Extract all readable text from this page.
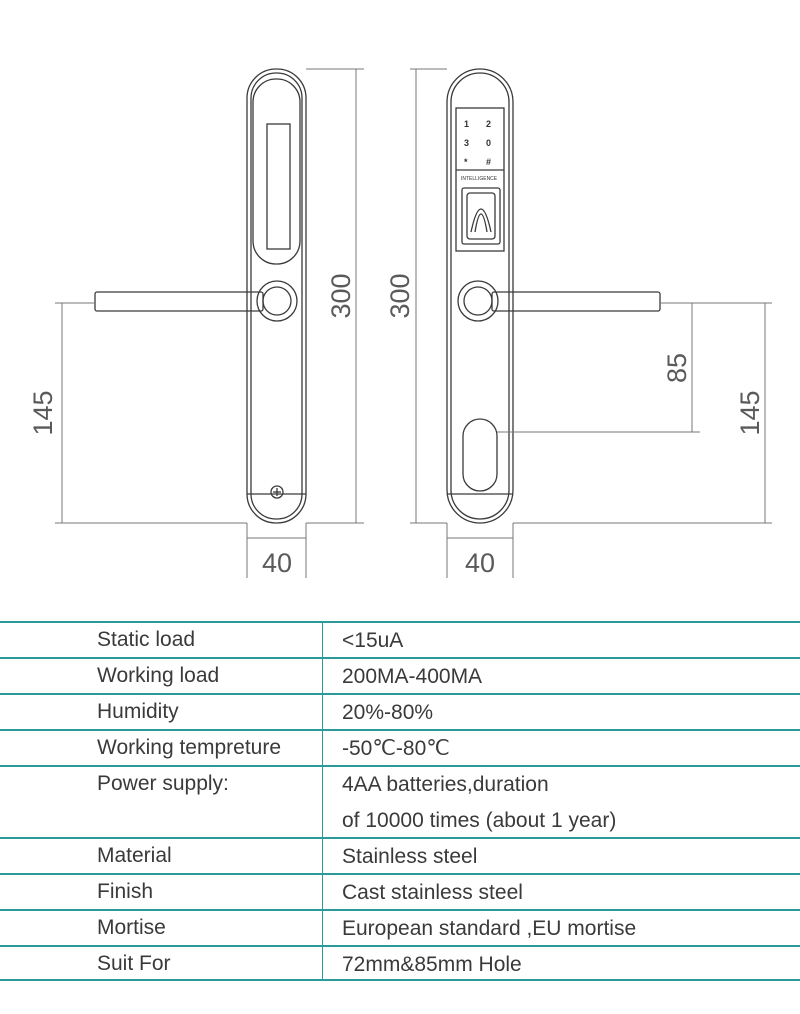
1 2
3 0
* #
INTELLIGENCE
300
145
40
300
85
145
40
Static load	<15uA
Working load	200MA-400MA
Humidity	20%-80%
Working tempreture	-50℃-80℃
Power supply:	4AA batteries,duration
of 10000 times (about 1 year)
Material	Stainless steel
Finish	Cast stainless steel
Mortise	European standard ,EU mortise
Suit For	72mm&85mm Hole
